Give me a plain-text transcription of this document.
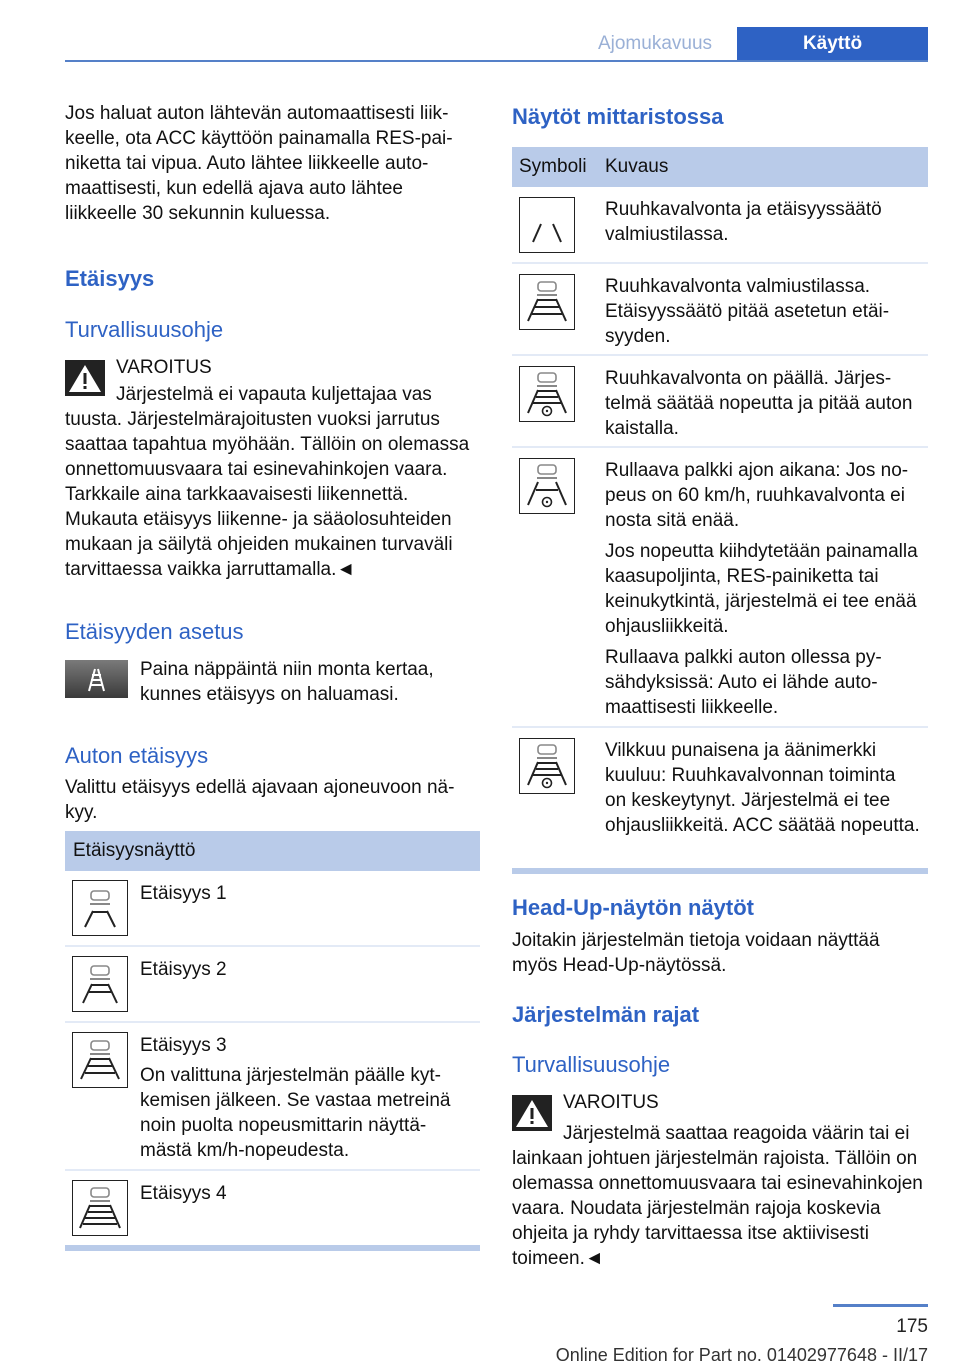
Ajomukavuus	Käyttö

Jos haluat auton lähtevän automaattisesti liikkeelle, ota ACC käyttöön painamalla RES-painiketta tai vipua. Auto lähtee liikkeelle automaattisesti, kun edellä ajava auto lähtee liikkeelle 30 sekunnin kuluessa.

Etäisyys
Turvallisuusohje
VAROITUS
Järjestelmä ei vapauta kuljettajaa vas
tuusta. Järjestelmärajoitusten vuoksi jarrutus saattaa tapahtua myöhään. Tällöin on olemassa onnettomuusvaara tai esinevahinkojen vaara. Tarkkaile aina tarkkaavaisesti liikennettä. Mukauta etäisyys liikenne- ja sääolosuhteiden mukaan ja säilytä ohjeiden mukainen turvaväli tarvittaessa vaikka jarruttamalla.◄
Etäisyyden asetus
Paina näppäintä niin monta kertaa, kunnes etäisyys on haluamasi.
Auton etäisyys
Valittu etäisyys edellä ajavaan ajoneuvoon näkyy.
Etäisyysnäyttö
Etäisyys 1
Etäisyys 2
Etäisyys 3
On valittuna järjestelmän päälle kytkemisen jälkeen. Se vastaa metreinä noin puolta nopeusmittarin näyttämästä km/h-nopeudesta.
Etäisyys 4
Näytöt mittaristossa
Symboli Kuvaus
Ruuhkavalvonta ja etäisyyssäätö valmiustilassa.
Ruuhkavalvonta valmiustilassa. Etäisyyssäätö pitää asetetun etäisyyden.
Ruuhkavalvonta on päällä. Järjestelmä säätää nopeutta ja pitää auton kaistalla.

Rullaava palkki ajon aikana: Jos nopeus on 60 km/h, ruuhkavalvonta ei nosta sitä enää.

Jos nopeutta kiihdytetään painamalla kaasupoljinta, RES-painiketta tai keinukytkintä, järjestelmä ei tee enää ohjausliikkeitä.

Rullaava palkki auton ollessa pysähdyksissä: Auto ei lähde automaattisesti liikkeelle.

Vilkkuu punaisena ja äänimerkki kuuluu: Ruuhkavalvonnan toiminta on keskeytynyt. Järjestelmä ei tee ohjausliikkeitä. ACC säätää nopeutta.
Head-Up-näytön näytöt
Joitakin järjestelmän tietoja voidaan näyttää myös Head-Up-näytössä.
Järjestelmän rajat
Turvallisuusohje
VAROITUS
Järjestelmä saattaa reagoida väärin tai ei
lainkaan johtuen järjestelmän rajoista. Tällöin on olemassa onnettomuusvaara tai esinevahinkojen vaara. Noudata järjestelmän rajoja koskevia ohjeita ja ryhdy tarvittaessa itse aktiivisesti toimeen.◄
175
Online Edition for Part no. 01402977648 - II/17
